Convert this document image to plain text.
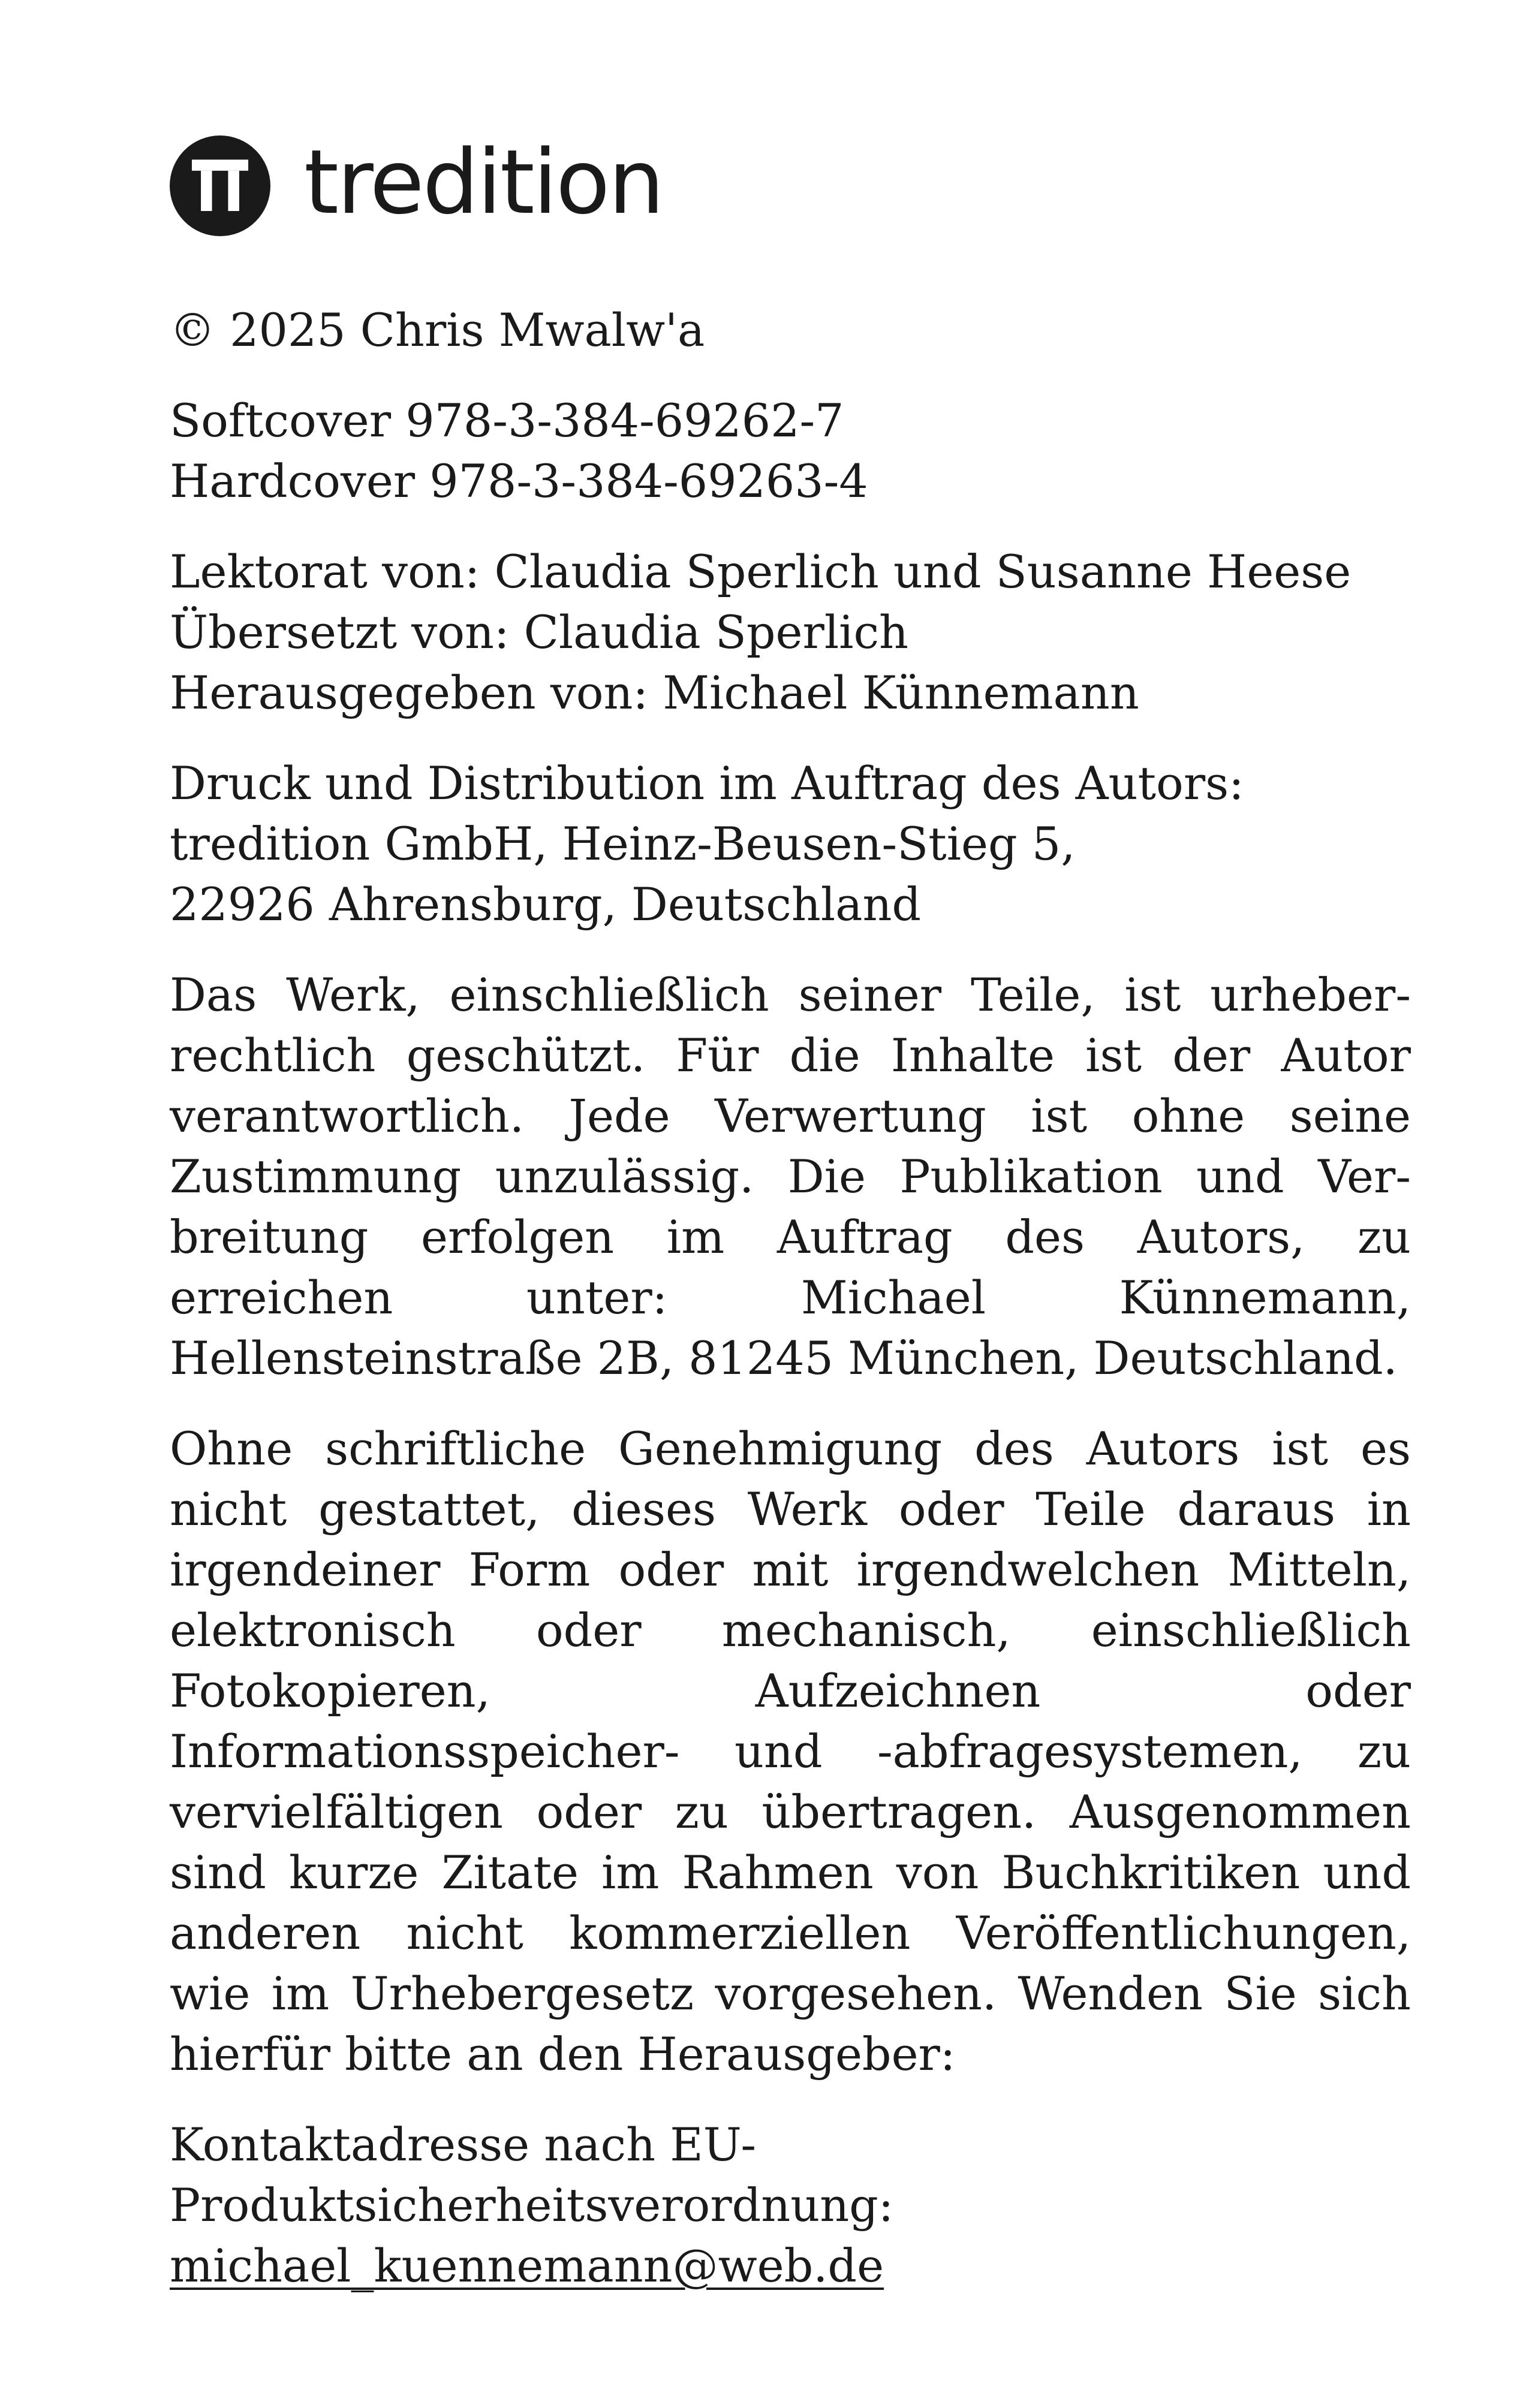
tredition
© 2025 Chris Mwalw'a
Softcover 978-3-384-69262-7
Hardcover 978-3-384-69263-4
Lektorat von: Claudia Sperlich und Susanne Heese
Übersetzt von: Claudia Sperlich
Herausgegeben von: Michael Künnemann
Druck und Distribution im Auftrag des Autors:
tredition GmbH, Heinz-Beusen-Stieg 5,
22926 Ahrensburg, Deutschland

Das Werk, einschließlich seiner Teile, ist urheberrechtlich geschützt. Für die Inhalte ist der Autor verantwortlich. Jede Verwertung ist ohne seine Zustimmung unzulässig. Die Publikation und Verbreitung erfolgen im Auftrag des Autors, zu erreichen unter: Michael Künnemann, Hellensteinstraße 2B, 81245 München, Deutschland.

Ohne schriftliche Genehmigung des Autors ist es nicht gestattet, dieses Werk oder Teile daraus in irgendeiner Form oder mit irgendwelchen Mitteln, elektronisch oder mechanisch, einschließlich Fotokopieren, Aufzeichnen oder Informationsspeicher- und -abfragesystemen, zu vervielfältigen oder zu übertragen. Ausgenommen sind kurze Zitate im Rahmen von Buchkritiken und anderen nicht kommerziellen Veröffentlichungen, wie im Urhebergesetz vorgesehen. Wenden Sie sich hierfür bitte an den Herausgeber:

Kontaktadresse nach EU-
Produktsicherheitsverordnung:
michael_kuennemann@web.de
